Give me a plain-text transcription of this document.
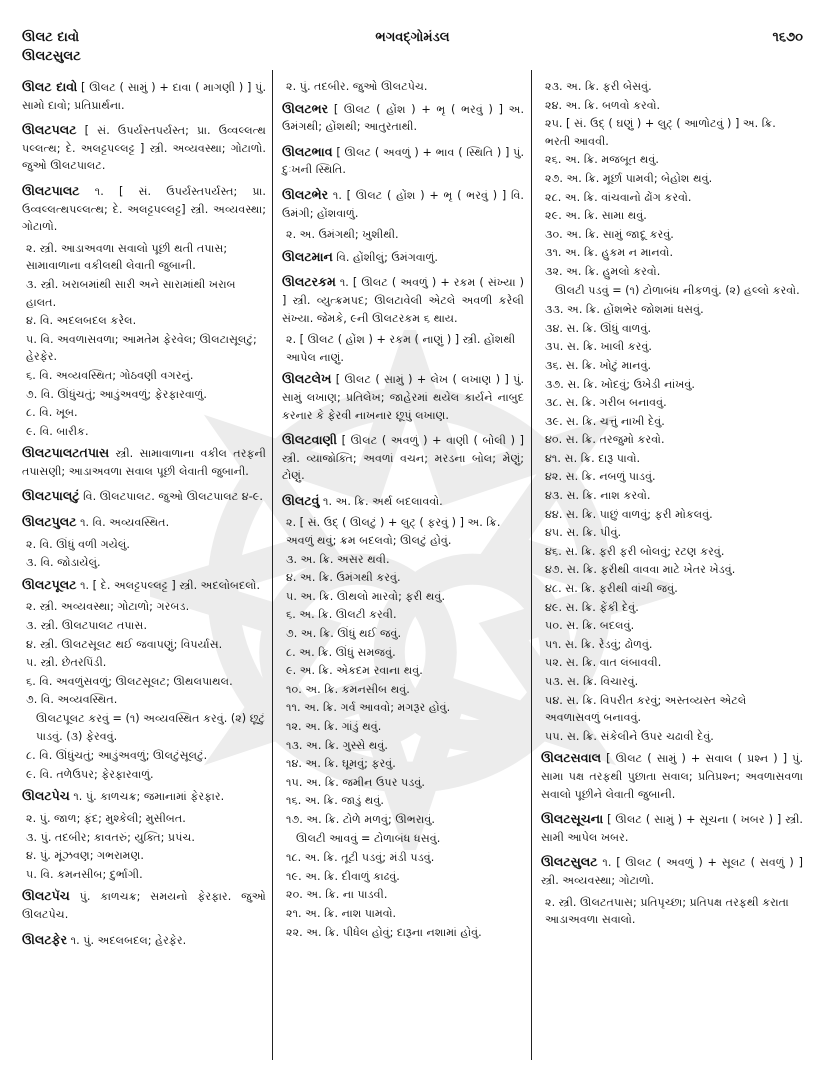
ઊલટ દાવો
ઊલટસુલટ
ભગવદ્ગોમંડલ	૧૬૭૦
ઊલટ દાવો [ ઊલટ ( સામું ) + દાવા ( માગણી ) ] પું. સામો દાવો; પ્રતિપ્રાર્થના.
ઊલટપલટ [ સં. ઉપર્યસ્તપર્યસ્ત; પ્રા. ઉવ્વલ્લત્થ પલ્લત્થ; દે. અલટ્ટપલ્લટ્ટ ] સ્ત્રી. અવ્યવસ્થા; ગોટાળો. જુઓ ઊલટપાલટ.
ઊલટપાલટ ૧. [ સં. ઉપર્યસ્તપર્યસ્ત; પ્રા. ઉવ્વલ્લત્થપલ્લત્થ; દે. અલટ્ટપલ્લટ્ટ] સ્ત્રી. અવ્યવસ્થા; ગોટાળો.
૨. સ્ત્રી. આડાઅવળા સવાલો પૂછી થતી તપાસ; સામાવાળાના વકીલથી લેવાતી જુબાની.
૩. સ્ત્રી. ખરાબમાંથી સારી અને સારામાંથી ખરાબ હાલત.
૪. વિ. અદલબદલ કરેલ.
૫. વિ. અવળાસવળા; આમતેમ ફેરવેલ; ઊલટાસૂલટું; હેરફેર.
૬. વિ. અવ્યવસ્થિત; ગોઠવણી વગરનું.
૭. વિ. ઊંધુંચતું; આડુંઅવળું; ફેરફારવાળું.
૮. વિ. ખૂબ.
૯. વિ. બારીક.
ઊલટપાલટતપાસ સ્ત્રી. સામાવાળાના વકીલ તરફની તપાસણી; આડાઅવળા સવાલ પૂછી લેવાતી જુબાની.
ઊલટપાલટું વિ. ઊલટપાલટ. જુઓ ઊલટપાલટ ૪-૯.
ઊલટપુલટ ૧. વિ. અવ્યવસ્થિત.
૨. વિ. ઊંધું વળી ગયેલું.
૩. વિ. જોડાયેલું.
ઊલટપૂલટ ૧. [ દે. અલટ્ટપલ્લટ્ટ ] સ્ત્રી. અદલોબદલો.
૨. સ્ત્રી. અવ્યવસ્થા; ગોટાળો; ગરબડ.
૩. સ્ત્રી. ઊલટપાલટ તપાસ.
૪. સ્ત્રી. ઊલટસૂલટ થઈ જવાપણું; વિપર્યાસ.
૫. સ્ત્રી. છેતરપિંડી.
૬. વિ. અવળુંસવળું; ઊલટસૂલટ; ઊથલપાથલ.
૭. વિ. અવ્યવસ્થિત.
ઊલટપૂલટ કરવું = (૧) અવ્યવસ્થિત કરવું. (૨) છૂટું પાડવું. (૩) ફેરવવું.
૮. વિ. ઊંધુંચતું; આડુંઅવળું; ઊલટુંસૂલટું.
૯. વિ. તળેઉપર; ફેરફારવાળું.
ઊલટપેચ ૧. પું. કાળચક્ર; જમાનામાં ફેરફાર.
૨. પું. જાળ; ફંદ; મુશ્કેલી; મુસીબત.
૩. પું. તદબીર; કાવતરું; યુક્તિ; પ્રપંચ.
૪. પું. મૂંઝવણ; ગભરામણ.
૫. વિ. કમનસીબ; દુર્ભાગી.
ઊલટપૅચ પું. કાળચક્ર; સમયનો ફેરફાર. જુઓ ઊલટપેચ.
ઊલટફેર ૧. પું. અદલબદલ; હેરફેર.
૨. પું. તદબીર. જુઓ ઊલટપેચ.
ઊલટભર [ ઊલટ ( હોંશ ) + ભૃ ( ભરવું ) ] અ. ઉમંગથી; હોંશથી; આતુરતાથી.
ઊલટભાવ [ ઊલટ ( અવળું ) + ભાવ ( સ્થિતિ ) ] પું. દુઃખની સ્થિતિ.
ઊલટભેર ૧. [ ઊલટ ( હોંશ ) + ભૃ ( ભરવું ) ] વિ. ઉમંગી; હોંશવાળું.
૨. અ. ઉમંગથી; ખુશીથી.
ઊલટમાન વિ. હોંશીલું; ઉમંગવાળું.
ઊલટરકમ ૧. [ ઊલટ ( અવળું ) + રકમ ( સંખ્યા ) ] સ્ત્રી. વ્યુત્ક્રમપદ; ઊલટાવેલી એટલે અવળી કરેલી સંખ્યા. જેમકે, ૯ની ઊલટરકમ ૬ થાય.
૨. [ ઊલટ ( હોંશ ) + રકમ ( નાણું ) ] સ્ત્રી. હોંશથી આપેલ નાણું.
ઊલટલેખ [ ઊલટ ( સામું ) + લેખ ( લખાણ ) ] પું. સામું લખાણ; પ્રતિલેખ; જાહેરમાં થયેલ કાર્યને નાબુદ કરનાર કે ફેરવી નાખનાર છૂપું લખાણ.
ઊલટવાણી [ ઊલટ ( અવળું ) + વાણી ( બોલી ) ] સ્ત્રી. વ્યાજોક્તિ; અવળાં વચન; મરડના બોલ; મેણું; ટોણું.
ઊલટવું ૧. અ. ક્રિ. અર્થ બદલાવવો.
૨. [ સં. ઉદ્ ( ઊલટું ) + લુટ્ ( ફરવું ) ] અ. ક્રિ. અવળું થવું; ક્રમ બદલવો; ઊલટું હોવું.
૩. અ. ક્રિ. અસર થવી.
૪. અ. ક્રિ. ઉમંગથી કરવું.
૫. અ. ક્રિ. ઊથલો મારવો; ફરી થવું.
૬. અ. ક્રિ. ઊલટી કરવી.
૭. અ. ક્રિ. ઊંધું થઈ જવું.
૮. અ. ક્રિ. ઊંધું સમજવું.
૯. અ. ક્રિ. એકદમ રવાના થવું.
૧૦. અ. ક્રિ. કમનસીબ થવું.
૧૧. અ. ક્રિ. ગર્વ આવવો; મગરૂર હોવું.
૧૨. અ. ક્રિ. ગાંડું થવું.
૧૩. અ. ક્રિ. ગુસ્સે થવું.
૧૪. અ. ક્રિ. ઘૂમવું; ફરવું.
૧૫. અ. ક્રિ. જમીન ઉપર પડવું.
૧૬. અ. ક્રિ. જાડું થવું.
૧૭. અ. ક્રિ. ટોળે મળવું; ઊભરાવું.
ઊલટી આવવું = ટોળાબંધ ધસવું.
૧૮. અ. ક્રિ. તૂટી પડવું; મંડી પડવું.
૧૯. અ. ક્રિ. દીવાળું કાઢવું.
૨૦. અ. ક્રિ. ના પાડવી.
૨૧. અ. ક્રિ. નાશ પામવો.
૨૨. અ. ક્રિ. પીધેલ હોવું; દારૂના નશામાં હોવું.
૨૩. અ. ક્રિ. ફરી બેસવું.
૨૪. અ. ક્રિ. બળવો કરવો.
૨૫. [ સં. ઉદ્ ( ઘણું ) + લુટ્ ( આળોટવું ) ] અ. ક્રિ. ભરતી આવવી.
૨૬. અ. ક્રિ. મજબૂત થવું.
૨૭. અ. ક્રિ. મૂર્છા પામવી; બેહોશ થવું.
૨૮. અ. ક્રિ. વાંચવાનો ઢોંગ કરવો.
૨૯. અ. ક્રિ. સામા થવું.
૩૦. અ. ક્રિ. સામું જાદૂ કરવું.
૩૧. અ. ક્રિ. હુકમ ન માનવો.
૩૨. અ. ક્રિ. હુમલો કરવો.
ઊલટી પડવું = (૧) ટોળાબંધ નીકળવું. (૨) હલ્લો કરવો.
૩૩. અ. ક્રિ. હોંશભેર જોશમાં ધસવું.
૩૪. સ. ક્રિ. ઊંધું વાળવું.
૩૫. સ. ક્રિ. ખાલી કરવું.
૩૬. સ. ક્રિ. ખોટું માનવું.
૩૭. સ. ક્રિ. ખોદવું; ઉખેડી નાંખવું.
૩૮. સ. ક્રિ. ગરીબ બનાવવું.
૩૯. સ. ક્રિ. ચત્તું નાખી દેવું.
૪૦. સ. ક્રિ. તરજુમો કરવો.
૪૧. સ. ક્રિ. દારૂ પાવો.
૪૨. સ. ક્રિ. નબળું પાડવું.
૪૩. સ. ક્રિ. નાશ કરવો.
૪૪. સ. ક્રિ. પાછું વાળવું; ફરી મોકલવું.
૪૫. સ. ક્રિ. પીવું.
૪૬. સ. ક્રિ. ફરી ફરી બોલવું; રટણ કરવું.
૪૭. સ. ક્રિ. ફરીથી વાવવા માટે ખેતર ખેડવું.
૪૮. સ. ક્રિ. ફરીથી વાંચી જવું.
૪૯. સ. ક્રિ. ફેંકી દેવું.
૫૦. સ. ક્રિ. બદલવું.
૫૧. સ. ક્રિ. રેડવું; ઢોળવું.
૫૨. સ. ક્રિ. વાત લંબાવવી.
૫૩. સ. ક્રિ. વિચારવું.
૫૪. સ. ક્રિ. વિપરીત કરવું; અસ્તવ્યસ્ત એટલે અવળાસવળું બનાવવું.
૫૫. સ. ક્રિ. સંકેલીને ઉપર ચઢાવી દેવું.
ઊલટસવાલ [ ઊલટ ( સામું ) + સવાલ ( પ્રશ્ન ) ] પું. સામા પક્ષ તરફથી પુછાતા સવાલ; પ્રતિપ્રશ્ન; અવળાસવળા સવાલો પૂછીને લેવાતી જુબાની.
ઊલટસૂચના [ ઊલટ ( સામું ) + સૂચના ( ખબર ) ] સ્ત્રી. સામી આપેલ ખબર.
ઊલટસુલટ ૧. [ ઊલટ ( અવળું ) + સૂલટ ( સવળું ) ] સ્ત્રી. અવ્યવસ્થા; ગોટાળો.
૨. સ્ત્રી. ઊલટતપાસ; પ્રતિપૃચ્છા; પ્રતિપક્ષ તરફથી કરાતા આડાઅવળા સવાલો.
